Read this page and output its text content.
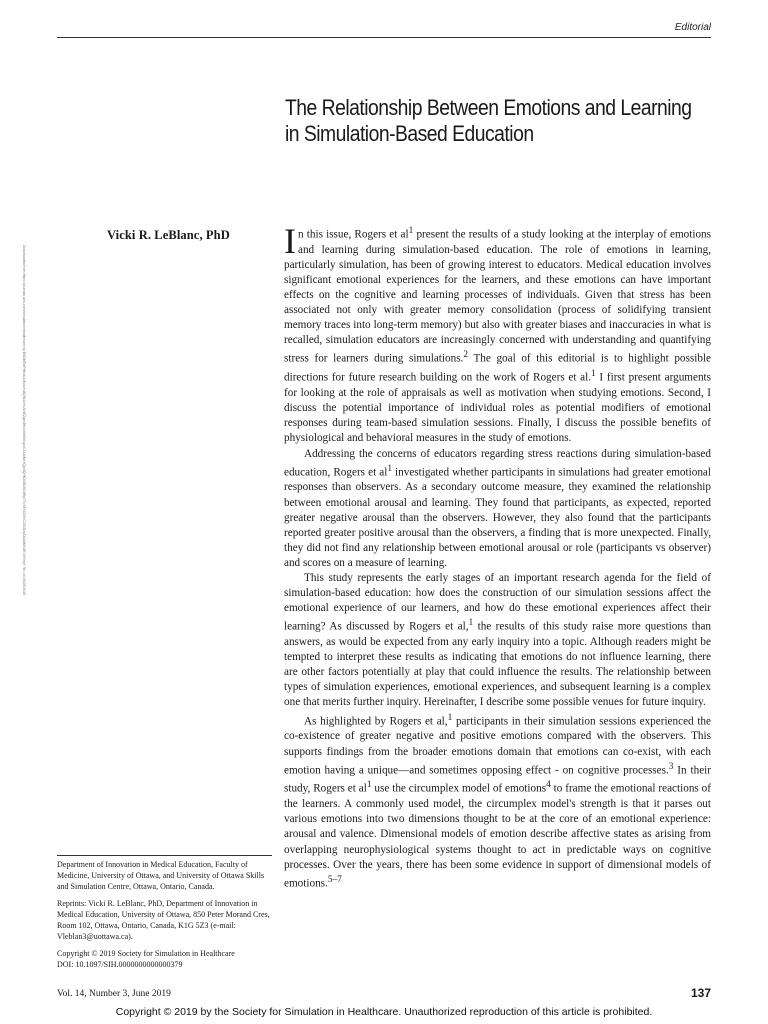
Editorial
The Relationship Between Emotions and Learning
in Simulation-Based Education
Vicki R. LeBlanc, PhD
Downloaded from https://journals.lww.com/simulationinhealthcare by BhDMf5ePHKav1zEoum1tQfN4a+kJLhEZgbsIHo4XMi0hCywCX1AWnYQp/IlQrHD3i3D0OdRyi7TvSFl4Cf3VC4/OAVpDDa8KKGKV0Ymy+78= on 09/28/2019

In this issue, Rogers et $al^1$ present the results of a study looking at the interplay of emotions and learning during simulation-based education. The role of emotions in learning, particularly simulation, has been of growing interest to educators. Medical education involves significant emotional experiences for the learners, and these emotions can have important effects on the cognitive and learning processes of individuals. Given that stress has been associated not only with greater memory consolidation (process of solidifying transient memory traces into long-term memory) but also with greater biases and inaccuracies in what is recalled, simulation educators are increasingly concerned with understanding and quantifying stress for learners during simulations.$^2$ The goal of this editorial is to highlight possible directions for future research building on the work of Rogers et al.$^1$ I first present arguments for looking at the role of appraisals as well as motivation when studying emotions. Second, I discuss the potential importance of individual roles as potential modifiers of emotional responses during team-based simulation sessions. Finally, I discuss the possible benefits of physiological and behavioral measures in the study of emotions.

Addressing the concerns of educators regarding stress reactions during simulation-based education, Rogers et $al^1$ investigated whether participants in simulations had greater emotional responses than observers. As a secondary outcome measure, they examined the relationship between emotional arousal and learning. They found that participants, as expected, reported greater negative arousal than the observers. However, they also found that the participants reported greater positive arousal than the observers, a finding that is more unexpected. Finally, they did not find any relationship between emotional arousal or role (participants vs observer) and scores on a measure of learning.

This study represents the early stages of an important research agenda for the field of simulation-based education: how does the construction of our simulation sessions affect the emotional experience of our learners, and how do these emotional experiences affect their learning? As discussed by Rogers et al,$^1$ the results of this study raise more questions than answers, as would be expected from any early inquiry into a topic. Although readers might be tempted to interpret these results as indicating that emotions do not influence learning, there are other factors potentially at play that could influence the results. The relationship between types of simulation experiences, emotional experiences, and subsequent learning is a complex one that merits further inquiry. Hereinafter, I describe some possible venues for future inquiry.

As highlighted by Rogers et al,$^1$ participants in their simulation sessions experienced the co-existence of greater negative and positive emotions compared with the observers. This supports findings from the broader emotions domain that emotions can co-exist, with each emotion having a unique—and sometimes opposing effect - on cognitive processes.$^3$ In their study, Rogers et $al^1$ use the circumplex model of emotions$^4$ to frame the emotional reactions of the learners. A commonly used model, the circumplex model's strength is that it parses out various emotions into two dimensions thought to be at the core of an emotional experience: arousal and valence. Dimensional models of emotion describe affective states as arising from overlapping neurophysiological systems thought to act in predictable ways on cognitive processes. Over the years, there has been some evidence in support of dimensional models of emotions.$^{5-7}$

Department of Innovation in Medical Education, Faculty of Medicine, University of Ottawa, and University of Ottawa Skills and Simulation Centre, Ottawa, Ontario, Canada.

Reprints: Vicki R. LeBlanc, PhD, Department of Innovation in Medical Education, University of Ottawa, 850 Peter Morand Cres, Room 102, Ottawa, Ontario, Canada, K1G 5Z3 (e-mail: Vleblan3@uottawa.ca).

Copyright © 2019 Society for Simulation in Healthcare
DOI: 10.1097/SIH.0000000000000379

Vol. 14, Number 3, June 2019	137
Copyright © 2019 by the Society for Simulation in Healthcare. Unauthorized reproduction of this article is prohibited.
